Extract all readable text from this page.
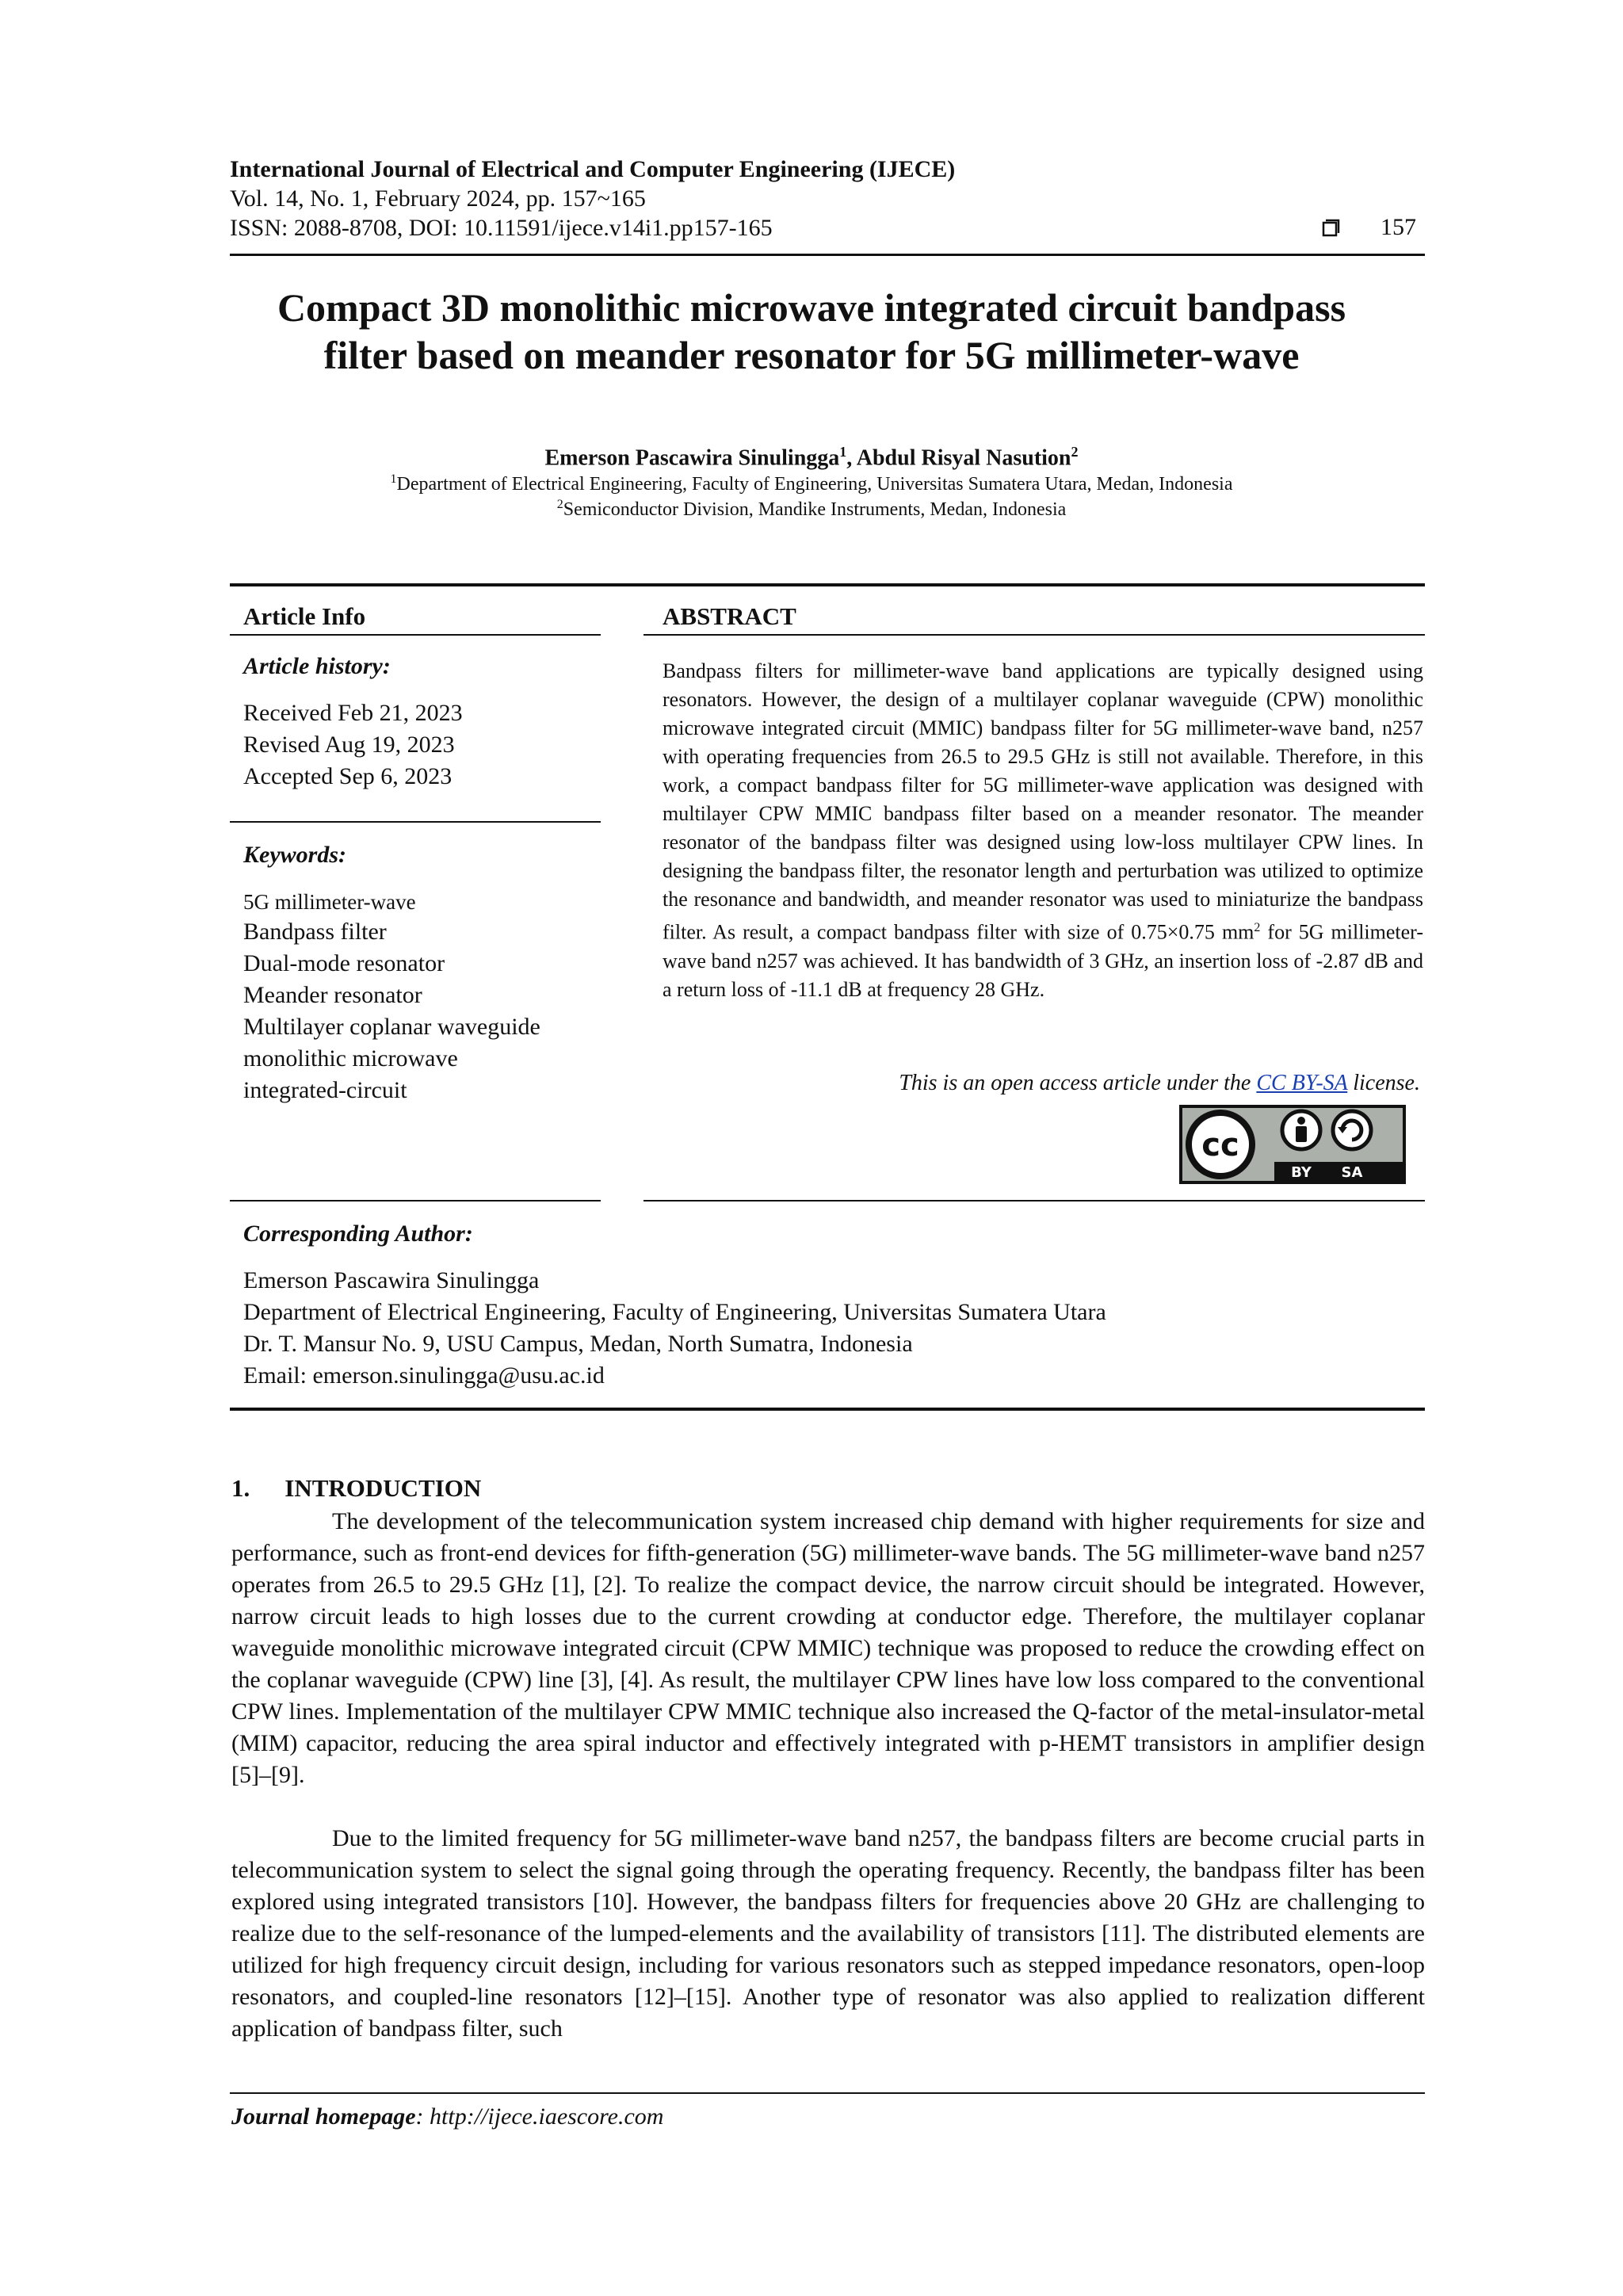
International Journal of Electrical and Computer Engineering (IJECE)
Vol. 14, No. 1, February 2024, pp. 157~165
ISSN: 2088-8708, DOI: 10.11591/ijece.v14i1.pp157-165	157
Compact 3D monolithic microwave integrated circuit bandpass
filter based on meander resonator for 5G millimeter-wave
Emerson Pascawira Sinulingga$^1$, Abdul Risyal Nasution$^2$
$^1$Department of Electrical Engineering, Faculty of Engineering, Universitas Sumatera Utara, Medan, Indonesia
$^2$Semiconductor Division, Mandike Instruments, Medan, Indonesia
Article Info
Article history:
Received Feb 21, 2023
Revised Aug 19, 2023
Accepted Sep 6, 2023
Keywords:
5G millimeter-wave
Bandpass filter
Dual-mode resonator
Meander resonator
Multilayer coplanar waveguide
monolithic microwave
integrated-circuit
ABSTRACT
Bandpass filters for millimeter-wave band applications are typically designed using resonators. However, the design of a multilayer coplanar waveguide (CPW) monolithic microwave integrated circuit (MMIC) bandpass filter for 5G millimeter-wave band, n257 with operating frequencies from 26.5 to 29.5 GHz is still not available. Therefore, in this work, a compact bandpass filter for 5G millimeter-wave application was designed with multilayer CPW MMIC bandpass filter based on a meander resonator. The meander resonator of the bandpass filter was designed using low-loss multilayer CPW lines. In designing the bandpass filter, the resonator length and perturbation was utilized to optimize the resonance and bandwidth, and meander resonator was used to miniaturize the bandpass filter. As result, a compact bandpass filter with size of 0.75×0.75 $mm^2$ for 5G millimeter-wave band n257 was achieved. It has bandwidth of 3 GHz, an insertion loss of -2.87 dB and a return loss of -11.1 dB at frequency 28 GHz.
This is an open access article under the CC BY-SA license.
cc
BY SA
Corresponding Author:
Emerson Pascawira Sinulingga
Department of Electrical Engineering, Faculty of Engineering, Universitas Sumatera Utara
Dr. T. Mansur No. 9, USU Campus, Medan, North Sumatra, Indonesia
Email: emerson.sinulingga@usu.ac.id
1. INTRODUCTION
The development of the telecommunication system increased chip demand with higher requirements for size and performance, such as front-end devices for fifth-generation (5G) millimeter-wave bands. The 5G millimeter-wave band n257 operates from 26.5 to 29.5 GHz [1], [2]. To realize the compact device, the narrow circuit should be integrated. However, narrow circuit leads to high losses due to the current crowding at conductor edge. Therefore, the multilayer coplanar waveguide monolithic microwave integrated circuit (CPW MMIC) technique was proposed to reduce the crowding effect on the coplanar waveguide (CPW) line [3], [4]. As result, the multilayer CPW lines have low loss compared to the conventional CPW lines. Implementation of the multilayer CPW MMIC technique also increased the Q-factor of the metal-insulator-metal (MIM) capacitor, reducing the area spiral inductor and effectively integrated with p-HEMT transistors in amplifier design [5]–[9].
Due to the limited frequency for 5G millimeter-wave band n257, the bandpass filters are become crucial parts in telecommunication system to select the signal going through the operating frequency. Recently, the bandpass filter has been explored using integrated transistors [10]. However, the bandpass filters for frequencies above 20 GHz are challenging to realize due to the self-resonance of the lumped-elements and the availability of transistors [11]. The distributed elements are utilized for high frequency circuit design, including for various resonators such as stepped impedance resonators, open-loop resonators, and coupled-line resonators [12]–[15]. Another type of resonator was also applied to realization different application of bandpass filter, such
Journal homepage: http://ijece.iaescore.com
